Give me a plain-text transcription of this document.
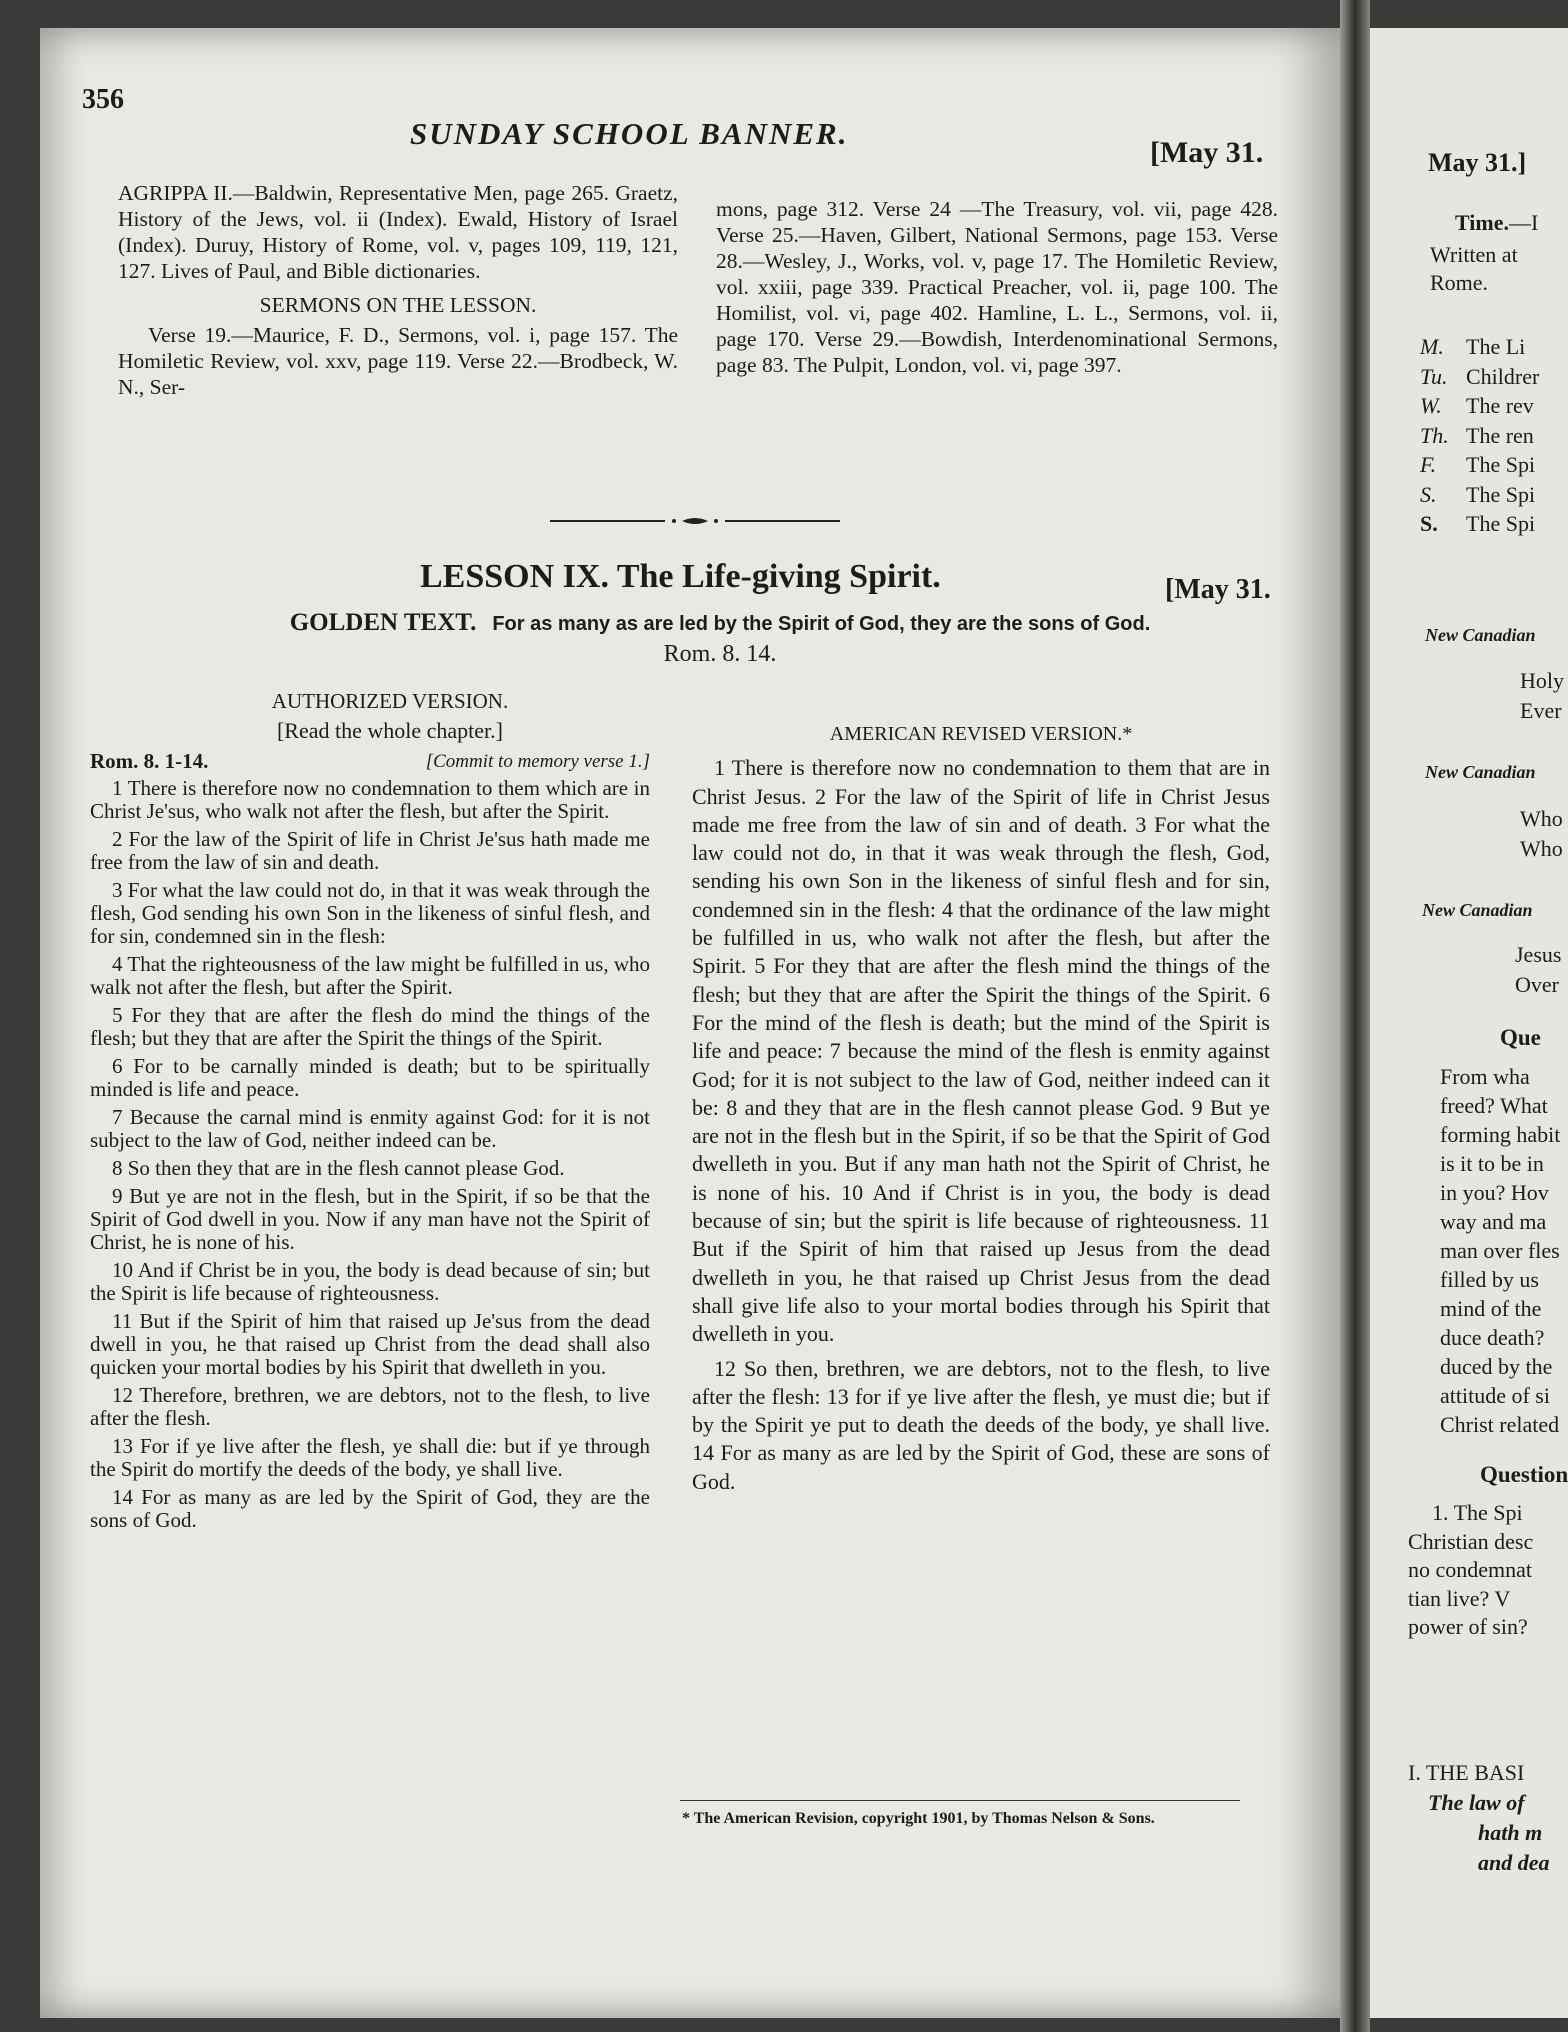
356
SUNDAY SCHOOL BANNER.
[May 31.

AGRIPPA II.—Baldwin, Representative Men, page 265. Graetz, History of the Jews, vol. ii (Index). Ewald, History of Israel (Index). Duruy, History of Rome, vol. v, pages 109, 119, 121, 127. Lives of Paul, and Bible dictionaries.

SERMONS ON THE LESSON.

Verse 19.—Maurice, F. D., Sermons, vol. i, page 157. The Homiletic Review, vol. xxv, page 119. Verse 22.—Brodbeck, W. N., Ser-

mons, page 312. Verse 24 —The Treasury, vol. vii, page 428. Verse 25.—Haven, Gilbert, National Sermons, page 153. Verse 28.—Wesley, J., Works, vol. v, page 17. The Homiletic Review, vol. xxiii, page 339. Practical Preacher, vol. ii, page 100. The Homilist, vol. vi, page 402. Hamline, L. L., Sermons, vol. ii, page 170. Verse 29.—Bowdish, Interdenominational Sermons, page 83. The Pulpit, London, vol. vi, page 397.

LESSON IX. The Life-giving Spirit.	[May 31.
GOLDEN TEXT. For as many as are led by the Spirit of God, they are the sons of God.
Rom. 8. 14.
AUTHORIZED VERSION.
[Read the whole chapter.]
Rom. 8. 1-14.	[Commit to memory verse 1.]

1 There is therefore now no condemnation to them which are in Christ Je'sus, who walk not after the flesh, but after the Spirit.

2 For the law of the Spirit of life in Christ Je'sus hath made me free from the law of sin and death.

3 For what the law could not do, in that it was weak through the flesh, God sending his own Son in the likeness of sinful flesh, and for sin, condemned sin in the flesh:

4 That the righteousness of the law might be fulfilled in us, who walk not after the flesh, but after the Spirit.

5 For they that are after the flesh do mind the things of the flesh; but they that are after the Spirit the things of the Spirit.

6 For to be carnally minded is death; but to be spiritually minded is life and peace.

7 Because the carnal mind is enmity against God: for it is not subject to the law of God, neither indeed can be.

8 So then they that are in the flesh cannot please God.

9 But ye are not in the flesh, but in the Spirit, if so be that the Spirit of God dwell in you. Now if any man have not the Spirit of Christ, he is none of his.

10 And if Christ be in you, the body is dead because of sin; but the Spirit is life because of righteousness.

11 But if the Spirit of him that raised up Je'sus from the dead dwell in you, he that raised up Christ from the dead shall also quicken your mortal bodies by his Spirit that dwelleth in you.

12 Therefore, brethren, we are debtors, not to the flesh, to live after the flesh.

13 For if ye live after the flesh, ye shall die: but if ye through the Spirit do mortify the deeds of the body, ye shall live.

14 For as many as are led by the Spirit of God, they are the sons of God.

AMERICAN REVISED VERSION.*

1 There is therefore now no condemnation to them that are in Christ Jesus. 2 For the law of the Spirit of life in Christ Jesus made me free from the law of sin and of death. 3 For what the law could not do, in that it was weak through the flesh, God, sending his own Son in the likeness of sinful flesh and for sin, condemned sin in the flesh: 4 that the ordinance of the law might be fulfilled in us, who walk not after the flesh, but after the Spirit. 5 For they that are after the flesh mind the things of the flesh; but they that are after the Spirit the things of the Spirit. 6 For the mind of the flesh is death; but the mind of the Spirit is life and peace: 7 because the mind of the flesh is enmity against God; for it is not subject to the law of God, neither indeed can it be: 8 and they that are in the flesh cannot please God. 9 But ye are not in the flesh but in the Spirit, if so be that the Spirit of God dwelleth in you. But if any man hath not the Spirit of Christ, he is none of his. 10 And if Christ is in you, the body is dead because of sin; but the spirit is life because of righteousness. 11 But if the Spirit of him that raised up Jesus from the dead dwelleth in you, he that raised up Christ Jesus from the dead shall give life also to your mortal bodies through his Spirit that dwelleth in you.

12 So then, brethren, we are debtors, not to the flesh, to live after the flesh: 13 for if ye live after the flesh, ye must die; but if by the Spirit ye put to death the deeds of the body, ye shall live. 14 For as many as are led by the Spirit of God, these are sons of God.

* The American Revision, copyright 1901, by Thomas Nelson & Sons.
May 31.]
Time.—I
Written at
Rome.
M. The Li
Tu. Childrer
W. The rev
Th. The ren
F. The Spi
S. The Spi
S. The Spi
New Canadian
Holy
Ever
New Canadian
Who
Who
New Canadian
Jesus
Over
Que
From wha
freed? What
forming habit
is it to be in
in you? Hov
way and ma
man over fles
filled by us
mind of the
duce death?
duced by the
attitude of si
Christ related
Question
1. The Spi
Christian desc
no condemnat
tian live? V
power of sin?
I. THE BASI
The law of
hath m
and dea
